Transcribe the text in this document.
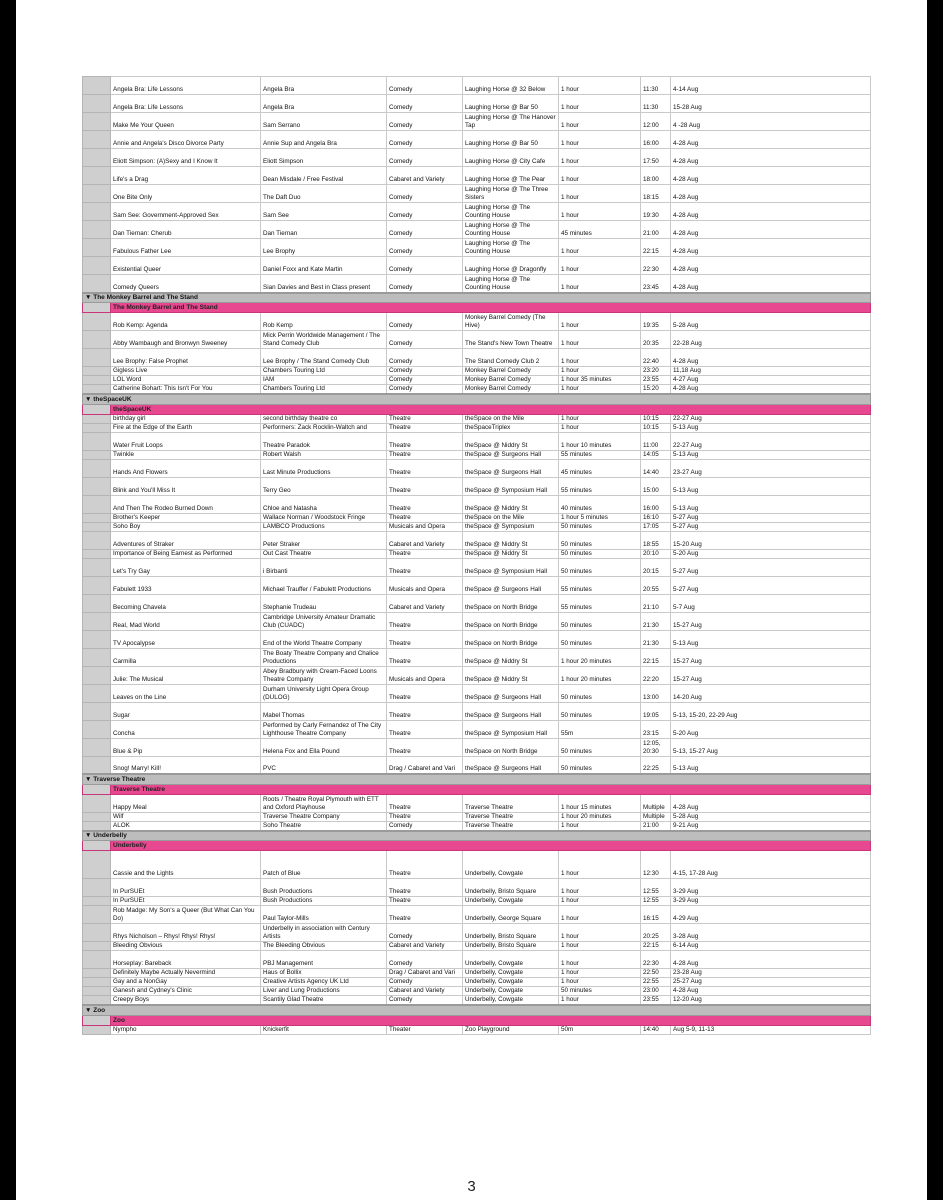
	Angela Bra: Life Lessons	Angela Bra	Comedy	Laughing Horse @ 32 Below	1 hour	11:30	4-14 Aug
	Angela Bra: Life Lessons	Angela Bra	Comedy	Laughing Horse @ Bar 50	1 hour	11:30	15-28 Aug
	Make Me Your Queen	Sam Serrano	Comedy	Laughing Horse @ The Hanover Tap	1 hour	12:00	4 -28 Aug
	Annie and Angela's Disco Divorce Party	Annie Sup and Angela Bra	Comedy	Laughing Horse @ Bar 50	1 hour	16:00	4-28 Aug
	Eliott Simpson: (A)Sexy and I Know It	Eliott Simpson	Comedy	Laughing Horse @ City Cafe	1 hour	17:50	4-28 Aug
	Life's a Drag	Dean Misdale / Free Festival	Cabaret and Variety	Laughing Horse @ The Pear	1 hour	18:00	4-28 Aug
	One Bite Only	The Daft Duo	Comedy	Laughing Horse @ The Three Sisters	1 hour	18:15	4-28 Aug
	Sam See: Government-Approved Sex	Sam See	Comedy	Laughing Horse @ The Counting House	1 hour	19:30	4-28 Aug
	Dan Tiernan: Cherub	Dan Tiernan	Comedy	Laughing Horse @ The Counting House	45 minutes	21:00	4-28 Aug
	Fabulous Father Lee	Lee Brophy	Comedy	Laughing Horse @ The Counting House	1 hour	22:15	4-28 Aug
	Existential Queer	Daniel Foxx and Kate Martin	Comedy	Laughing Horse @ Dragonfly	1 hour	22:30	4-28 Aug
	Comedy Queers	Sian Davies and Best in Class present	Comedy	Laughing Horse @ The Counting House	1 hour	23:45	4-28 Aug
▼ The Monkey Barrel and The Stand							
	The Monkey Barrel and The Stand						
	Rob Kemp: Agenda	Rob Kemp	Comedy	Monkey Barrel Comedy (The Hive)	1 hour	19:35	5-28 Aug
	Abby Wambaugh and Bronwyn Sweeney	Mick Perrin Worldwide Management / The Stand Comedy Club	Comedy	The Stand's New Town Theatre	1 hour	20:35	22-28 Aug
	Lee Brophy: False Prophet	Lee Brophy / The Stand Comedy Club	Comedy	The Stand Comedy Club 2	1 hour	22:40	4-28 Aug
	Gigless Live	Chambers Touring Ltd	Comedy	Monkey Barrel Comedy	1 hour	23:20	11,18 Aug
	LOL Word	IAM	Comedy	Monkey Barrel Comedy	1 hour 35 minutes	23:55	4-27 Aug
	Catherine Bohart: This Isn't For You	Chambers Touring Ltd	Comedy	Monkey Barrel Comedy	1 hour	15:20	4-28 Aug
▼ theSpaceUK							
	theSpaceUK						
	birthday girl	second birthday theatre co	Theatre	theSpace on the Mile	1 hour	10:15	22-27 Aug
	Fire at the Edge of the Earth	Performers: Zack Rocklin-Waltch and	Theatre	theSpaceTriplex	1 hour	10:15	5-13 Aug
	Water Fruit Loops	Theatre Paradok	Theatre	theSpace @ Niddry St	1 hour 10 minutes	11:00	22-27 Aug
	Twinkle	Robert Walsh	Theatre	theSpace @ Surgeons Hall	55 minutes	14:05	5-13 Aug
	Hands And Flowers	Last Minute Productions	Theatre	theSpace @ Surgeons Hall	45 minutes	14:40	23-27 Aug
	Blink and You'll Miss It	Terry Geo	Theatre	theSpace @ Symposium Hall	55 minutes	15:00	5-13 Aug
	And Then The Rodeo Burned Down	Chloe and Natasha	Theatre	theSpace @ Niddry St	40 minutes	16:00	5-13 Aug
	Brother's Keeper	Wallace Norman / Woodstock Fringe	Theatre	theSpace on the Mile	1 hour 5 minutes	16:10	5-27 Aug
	Soho Boy	LAMBCO Productions	Musicals and Opera	theSpace @ Symposium	50 minutes	17:05	5-27 Aug
	Adventures of Straker	Peter Straker	Cabaret and Variety	theSpace @ Niddry St	50 minutes	18:55	15-20 Aug
	Importance of Being Earnest as Performed	Out Cast Theatre	Theatre	theSpace @ Niddry St	50 minutes	20:10	5-20 Aug
	Let's Try Gay	i Birbanti	Theatre	theSpace @ Symposium Hall	50 minutes	20:15	5-27 Aug
	Fabulett 1933	Michael Trauffer / Fabulett Productions	Musicals and Opera	theSpace @ Surgeons Hall	55 minutes	20:55	5-27 Aug
	Becoming Chavela	Stephanie Trudeau	Cabaret and Variety	theSpace on North Bridge	55 minutes	21:10	5-7 Aug
	Real, Mad World	Cambridge University Amateur Dramatic Club (CUADC)	Theatre	theSpace on North Bridge	50 minutes	21:30	15-27 Aug
	TV Apocalypse	End of the World Theatre Company	Theatre	theSpace on North Bridge	50 minutes	21:30	5-13 Aug
	Carmilla	The Boaty Theatre Company and Chalice Productions	Theatre	theSpace @ Niddry St	1 hour 20 minutes	22:15	15-27 Aug
	Julie: The Musical	Abey Bradbury with Cream-Faced Loons Theatre Company	Musicals and Opera	theSpace @ Niddry St	1 hour 20 minutes	22:20	15-27 Aug
	Leaves on the Line	Durham University Light Opera Group (DULOG)	Theatre	theSpace @ Surgeons Hall	50 minutes	13:00	14-20 Aug
	Sugar	Mabel Thomas	Theatre	theSpace @ Surgeons Hall	50 minutes	19:05	5-13, 15-20, 22-29 Aug
	Concha	Performed by Carly Fernandez of The City Lighthouse Theatre Company	Theatre	theSpace @ Symposium Hall	55m	23:15	5-20 Aug
	Blue & Pip	Helena Fox and Ella Pound	Theatre	theSpace on North Bridge	50 minutes	12:05, 20:30	5-13, 15-27 Aug
	Snog! Marry! Kill!	PVC	Drag / Cabaret and Vari	theSpace @ Surgeons Hall	50 minutes	22:25	5-13 Aug
▼ Traverse Theatre							
	Traverse Theatre						
	Happy Meal	Roots / Theatre Royal Plymouth with ETT and Oxford Playhouse	Theatre	Traverse Theatre	1 hour 15 minutes	Multiple	4-28 Aug
	Wilf	Traverse Theatre Company	Theatre	Traverse Theatre	1 hour 20 minutes	Multiple	5-28 Aug
	ALOK	Soho Theatre	Comedy	Traverse Theatre	1 hour	21:00	9-21 Aug
▼ Underbelly							
	Underbelly						
	Cassie and the Lights	Patch of Blue	Theatre	Underbelly, Cowgate	1 hour	12:30	4-15, 17-28 Aug
	In PurSUEt	Bush Productions	Theatre	Underbelly, Bristo Square	1 hour	12:55	3-29 Aug
	In PurSUEt	Bush Productions	Theatre	Underbelly, Cowgate	1 hour	12:55	3-29 Aug
	Rob Madge: My Son's a Queer (But What Can You Do)	Paul Taylor-Mills	Theatre	Underbelly, George Square	1 hour	16:15	4-29 Aug
	Rhys Nicholson – Rhys! Rhys! Rhys!	Underbelly in association with Century Artists	Comedy	Underbelly, Bristo Square	1 hour	20:25	3-28 Aug
	Bleeding Obvious	The Bleeding Obvious	Cabaret and Variety	Underbelly, Bristo Square	1 hour	22:15	6-14 Aug
	Horseplay: Bareback	PBJ Management	Comedy	Underbelly, Cowgate	1 hour	22:30	4-28 Aug
	Definitely Maybe Actually Nevermind	Haus of Bollix	Drag / Cabaret and Vari	Underbelly, Cowgate	1 hour	22:50	23-28 Aug
	Gay and a NonGay	Creative Artists Agency UK Ltd	Comedy	Underbelly, Cowgate	1 hour	22:55	25-27 Aug
	Ganesh and Cydney's Clinic	Liver and Lung Productions	Cabaret and Variety	Underbelly, Cowgate	50 minutes	23:00	4-28 Aug
	Creepy Boys	Scantily Glad Theatre	Comedy	Underbelly, Cowgate	1 hour	23:55	12-20 Aug
▼ Zoo							
	Zoo						
	Nympho	Knickerfit	Theater	Zoo Playground	50m	14:40	Aug 5-9, 11-13
3
